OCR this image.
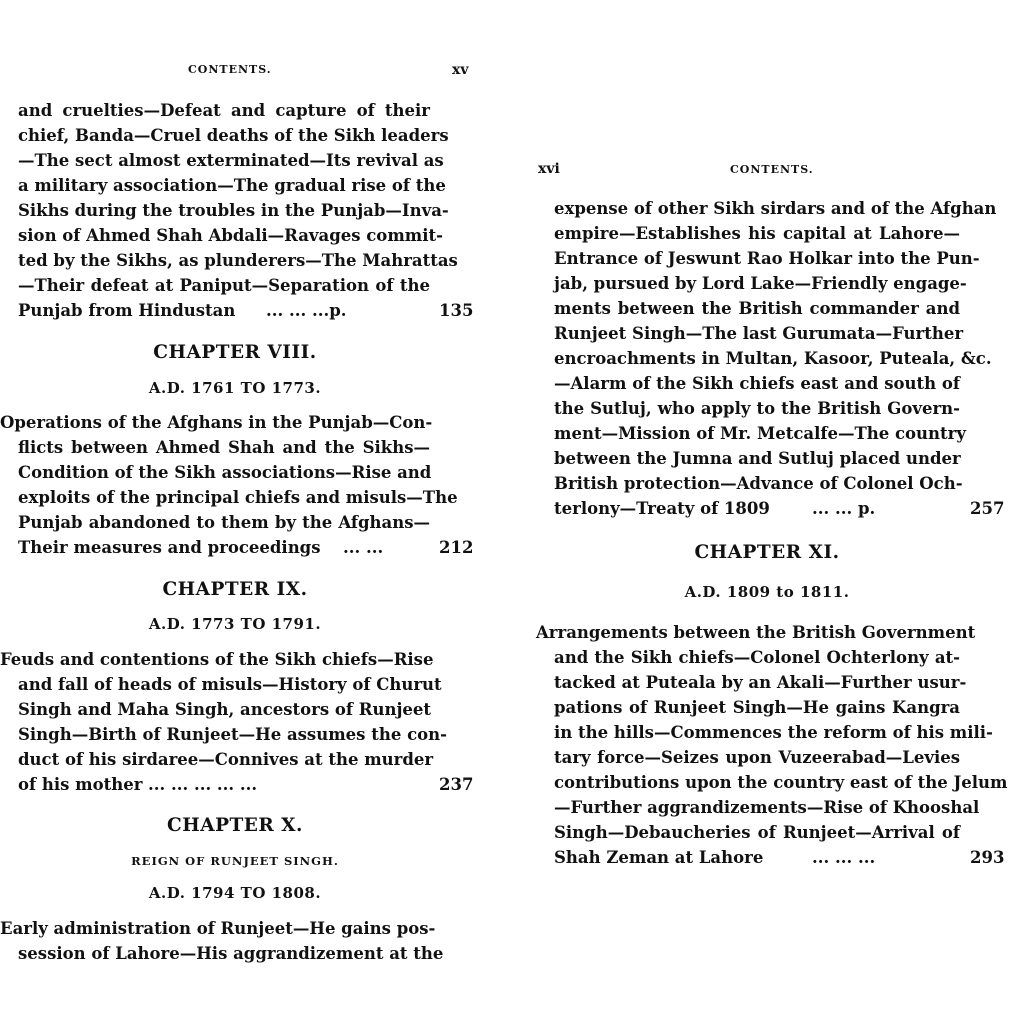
CONTENTS.	xv
and cruelties—Defeat and capture of their
chief, Banda—Cruel deaths of the Sikh leaders
—The sect almost exterminated—Its revival as
a military association—The gradual rise of the
Sikhs during the troubles in the Punjab—Inva-
sion of Ahmed Shah Abdali—Ravages commit-
ted by the Sikhs, as plunderers—The Mahrattas
—Their defeat at Paniput—Separation of the
Punjab from Hindustan ... ... ...p.	135
CHAPTER VIII.
A.D. 1761 TO 1773.
Operations of the Afghans in the Punjab—Con-
flicts between Ahmed Shah and the Sikhs—
Condition of the Sikh associations—Rise and
exploits of the principal chiefs and misuls—The
Punjab abandoned to them by the Afghans—
Their measures and proceedings ... ...	212
CHAPTER IX.
A.D. 1773 TO 1791.
Feuds and contentions of the Sikh chiefs—Rise
and fall of heads of misuls—History of Churut
Singh and Maha Singh, ancestors of Runjeet
Singh—Birth of Runjeet—He assumes the con-
duct of his sirdaree—Connives at the murder
of his mother ... ... ... ... ...	237
CHAPTER X.
REIGN OF RUNJEET SINGH.
A.D. 1794 TO 1808.
Early administration of Runjeet—He gains pos-
session of Lahore—His aggrandizement at the
xvi	CONTENTS.
expense of other Sikh sirdars and of the Afghan
empire—Establishes his capital at Lahore—
Entrance of Jeswunt Rao Holkar into the Pun-
jab, pursued by Lord Lake—Friendly engage-
ments between the British commander and
Runjeet Singh—The last Gurumata—Further
encroachments in Multan, Kasoor, Puteala, &c.
—Alarm of the Sikh chiefs east and south of
the Sutluj, who apply to the British Govern-
ment—Mission of Mr. Metcalfe—The country
between the Jumna and Sutluj placed under
British protection—Advance of Colonel Och-
terlony—Treaty of 1809	... ... p.	257
CHAPTER XI.
A.D. 1809 to 1811.
Arrangements between the British Government
and the Sikh chiefs—Colonel Ochterlony at-
tacked at Puteala by an Akali—Further usur-
pations of Runjeet Singh—He gains Kangra
in the hills—Commences the reform of his mili-
tary force—Seizes upon Vuzeerabad—Levies
contributions upon the country east of the Jelum
—Further aggrandizements—Rise of Khooshal
Singh—Debaucheries of Runjeet—Arrival of
Shah Zeman at Lahore	... ... ...	293
